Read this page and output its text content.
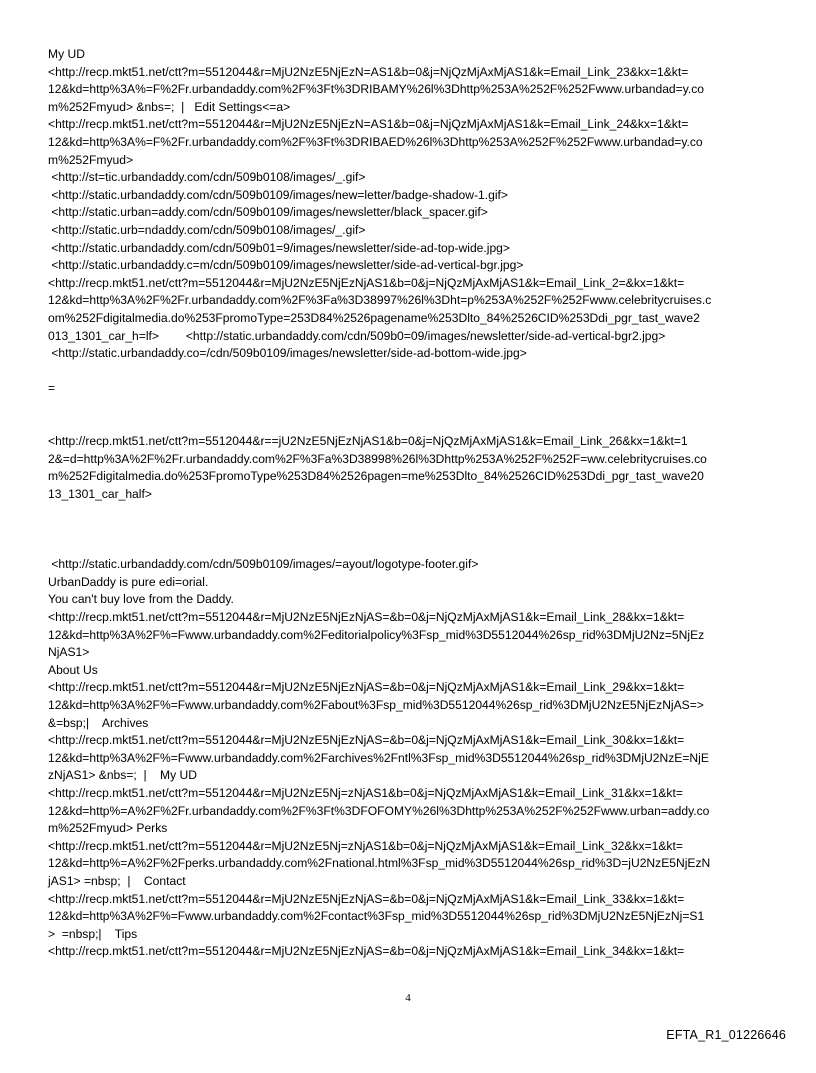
My UD
<http://recp.mkt51.net/ctt?m=5512044&r=MjU2NzE5NjEzN=AS1&b=0&j=NjQzMjAxMjAS1&k=Email_Link_23&kx=1&kt=
12&kd=http%3A%=F%2Fr.urbandaddy.com%2F%3Ft%3DRIBAMY%26l%3Dhttp%253A%252F%252Fwww.urbandad=y.co
m%252Fmyud> &nbs=;  |   Edit Settings<=a>
<http://recp.mkt51.net/ctt?m=5512044&r=MjU2NzE5NjEzN=AS1&b=0&j=NjQzMjAxMjAS1&k=Email_Link_24&kx=1&kt=
12&kd=http%3A%=F%2Fr.urbandaddy.com%2F%3Ft%3DRIBAED%26l%3Dhttp%253A%252F%252Fwww.urbandad=y.co
m%252Fmyud>
<http://st=tic.urbandaddy.com/cdn/509b0108/images/_.gif>
<http://static.urbandaddy.com/cdn/509b0109/images/new=letter/badge-shadow-1.gif>
<http://static.urban=addy.com/cdn/509b0109/images/newsletter/black_spacer.gif>
<http://static.urb=ndaddy.com/cdn/509b0108/images/_.gif>
<http://static.urbandaddy.com/cdn/509b01=9/images/newsletter/side-ad-top-wide.jpg>
<http://static.urbandaddy.c=m/cdn/509b0109/images/newsletter/side-ad-vertical-bgr.jpg>
<http://recp.mkt51.net/ctt?m=5512044&r=MjU2NzE5NjEzNjAS1&b=0&j=NjQzMjAxMjAS1&k=Email_Link_2=&kx=1&kt=
12&kd=http%3A%2F%2Fr.urbandaddy.com%2F%3Fa%3D38997%26l%3Dht=p%253A%252F%252Fwww.celebritycruises.c
om%252Fdigitalmedia.do%253FpromoType=253D84%2526pagename%253Dlto_84%2526CID%253Ddi_pgr_tast_wave2
013_1301_car_h=lf>        <http://static.urbandaddy.com/cdn/509b0=09/images/newsletter/side-ad-vertical-bgr2.jpg>
<http://static.urbandaddy.co=/cdn/509b0109/images/newsletter/side-ad-bottom-wide.jpg>
=
<http://recp.mkt51.net/ctt?m=5512044&r==jU2NzE5NjEzNjAS1&b=0&j=NjQzMjAxMjAS1&k=Email_Link_26&kx=1&kt=1
2&=d=http%3A%2F%2Fr.urbandaddy.com%2F%3Fa%3D38998%26l%3Dhttp%253A%252F%252F=ww.celebritycruises.co
m%252Fdigitalmedia.do%253FpromoType%253D84%2526pagen=me%253Dlto_84%2526CID%253Ddi_pgr_tast_wave20
13_1301_car_half>
<http://static.urbandaddy.com/cdn/509b0109/images/=ayout/logotype-footer.gif>
UrbanDaddy is pure edi=orial.
You can't buy love from the Daddy.
<http://recp.mkt51.net/ctt?m=5512044&r=MjU2NzE5NjEzNjAS=&b=0&j=NjQzMjAxMjAS1&k=Email_Link_28&kx=1&kt=
12&kd=http%3A%2F%=Fwww.urbandaddy.com%2Feditorialpolicy%3Fsp_mid%3D5512044%26sp_rid%3DMjU2Nz=5NjEz
NjAS1>
About Us
<http://recp.mkt51.net/ctt?m=5512044&r=MjU2NzE5NjEzNjAS=&b=0&j=NjQzMjAxMjAS1&k=Email_Link_29&kx=1&kt=
12&kd=http%3A%2F%=Fwww.urbandaddy.com%2Fabout%3Fsp_mid%3D5512044%26sp_rid%3DMjU2NzE5NjEzNjAS=>
&=bsp;|    Archives
<http://recp.mkt51.net/ctt?m=5512044&r=MjU2NzE5NjEzNjAS=&b=0&j=NjQzMjAxMjAS1&k=Email_Link_30&kx=1&kt=
12&kd=http%3A%2F%=Fwww.urbandaddy.com%2Farchives%2Fntl%3Fsp_mid%3D5512044%26sp_rid%3DMjU2NzE=NjE
zNjAS1> &nbs=;  |    My UD
<http://recp.mkt51.net/ctt?m=5512044&r=MjU2NzE5Nj=zNjAS1&b=0&j=NjQzMjAxMjAS1&k=Email_Link_31&kx=1&kt=
12&kd=http%=A%2F%2Fr.urbandaddy.com%2F%3Ft%3DFOFOMY%26l%3Dhttp%253A%252F%252Fwww.urban=addy.co
m%252Fmyud> Perks
<http://recp.mkt51.net/ctt?m=5512044&r=MjU2NzE5Nj=zNjAS1&b=0&j=NjQzMjAxMjAS1&k=Email_Link_32&kx=1&kt=
12&kd=http%=A%2F%2Fperks.urbandaddy.com%2Fnational.html%3Fsp_mid%3D5512044%26sp_rid%3D=jU2NzE5NjEzN
jAS1> =nbsp;  |    Contact
<http://recp.mkt51.net/ctt?m=5512044&r=MjU2NzE5NjEzNjAS=&b=0&j=NjQzMjAxMjAS1&k=Email_Link_33&kx=1&kt=
12&kd=http%3A%2F%=Fwww.urbandaddy.com%2Fcontact%3Fsp_mid%3D5512044%26sp_rid%3DMjU2NzE5NjEzNj=S1
>  =nbsp;|    Tips
<http://recp.mkt51.net/ctt?m=5512044&r=MjU2NzE5NjEzNjAS=&b=0&j=NjQzMjAxMjAS1&k=Email_Link_34&kx=1&kt=
4
EFTA_R1_01226646
